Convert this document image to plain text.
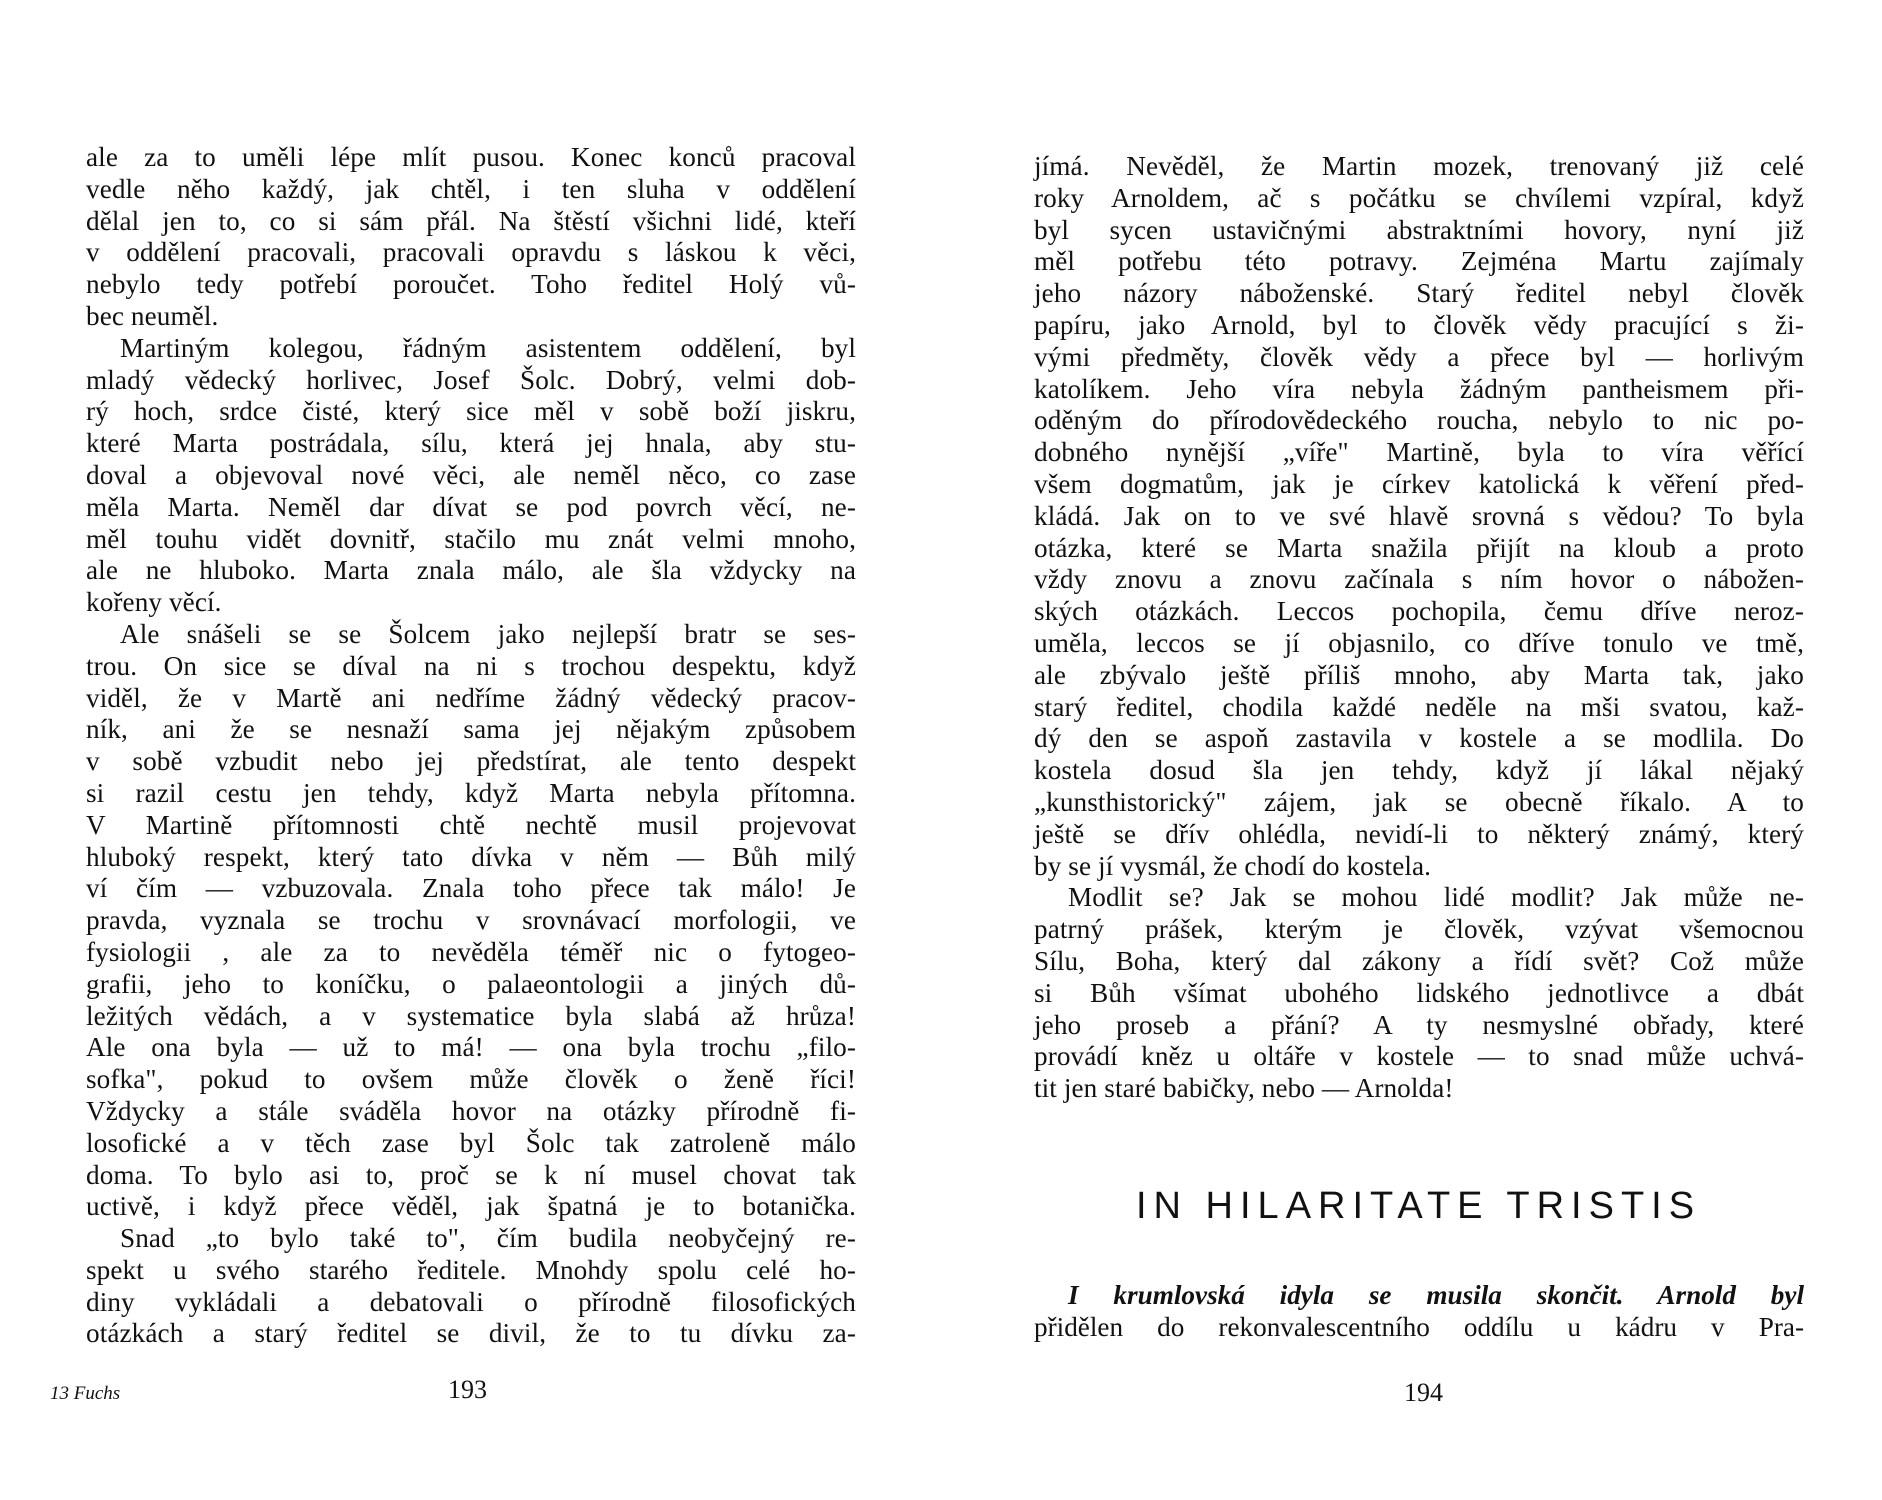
ale za to uměli lépe mlít pusou. Konec konců pracoval
vedle něho každý, jak chtěl, i ten sluha v oddělení
dělal jen to, co si sám přál. Na štěstí všichni lidé, kteří
v oddělení pracovali, pracovali opravdu s láskou k věci,
nebylo tedy potřebí poroučet. Toho ředitel Holý vů-
bec neuměl.
Martiným kolegou, řádným asistentem oddělení, byl
mladý vědecký horlivec, Josef Šolc. Dobrý, velmi dob-
rý hoch, srdce čisté, který sice měl v sobě boží jiskru,
které Marta postrádala, sílu, která jej hnala, aby stu-
doval a objevoval nové věci, ale neměl něco, co zase
měla Marta. Neměl dar dívat se pod povrch věcí, ne-
měl touhu vidět dovnitř, stačilo mu znát velmi mnoho,
ale ne hluboko. Marta znala málo, ale šla vždycky na
kořeny věcí.
Ale snášeli se se Šolcem jako nejlepší bratr se ses-
trou. On sice se díval na ni s trochou despektu, když
viděl, že v Martě ani nedříme žádný vědecký pracov-
ník, ani že se nesnaží sama jej nějakým způsobem
v sobě vzbudit nebo jej předstírat, ale tento despekt
si razil cestu jen tehdy, když Marta nebyla přítomna.
V Martině přítomnosti chtě nechtě musil projevovat
hluboký respekt, který tato dívka v něm — Bůh milý
ví čím — vzbuzovala. Znala toho přece tak málo! Je
pravda, vyznala se trochu v srovnávací morfologii, ve
fysiologii , ale za to nevěděla téměř nic o fytogeo-
grafii, jeho to koníčku, o palaeontologii a jiných dů-
ležitých vědách, a v systematice byla slabá až hrůza!
Ale ona byla — už to má! — ona byla trochu „filo-
sofka", pokud to ovšem může člověk o ženě říci!
Vždycky a stále sváděla hovor na otázky přírodně fi-
losofické a v těch zase byl Šolc tak zatroleně málo
doma. To bylo asi to, proč se k ní musel chovat tak
uctivě, i když přece věděl, jak špatná je to botanička.
Snad „to bylo také to", čím budila neobyčejný re-
spekt u svého starého ředitele. Mnohdy spolu celé ho-
diny vykládali a debatovali o přírodně filosofických
otázkách a starý ředitel se divil, že to tu dívku za-
13 Fuchs	193
jímá. Nevěděl, že Martin mozek, trenovaný již celé
roky Arnoldem, ač s počátku se chvílemi vzpíral, když
byl sycen ustavičnými abstraktními hovory, nyní již
měl potřebu této potravy. Zejména Martu zajímaly
jeho názory náboženské. Starý ředitel nebyl člověk
papíru, jako Arnold, byl to člověk vědy pracující s ži-
vými předměty, člověk vědy a přece byl — horlivým
katolíkem. Jeho víra nebyla žádným pantheismem při-
oděným do přírodovědeckého roucha, nebylo to nic po-
dobného nynější „víře" Martině, byla to víra věřící
všem dogmatům, jak je církev katolická k věření před-
kládá. Jak on to ve své hlavě srovná s vědou? To byla
otázka, které se Marta snažila přijít na kloub a proto
vždy znovu a znovu začínala s ním hovor o nábožen-
ských otázkách. Leccos pochopila, čemu dříve neroz-
uměla, leccos se jí objasnilo, co dříve tonulo ve tmě,
ale zbývalo ještě příliš mnoho, aby Marta tak, jako
starý ředitel, chodila každé neděle na mši svatou, kaž-
dý den se aspoň zastavila v kostele a se modlila. Do
kostela dosud šla jen tehdy, když jí lákal nějaký
„kunsthistorický" zájem, jak se obecně říkalo. A to
ještě se dřív ohlédla, nevidí-li to některý známý, který
by se jí vysmál, že chodí do kostela.
Modlit se? Jak se mohou lidé modlit? Jak může ne-
patrný prášek, kterým je člověk, vzývat všemocnou
Sílu, Boha, který dal zákony a řídí svět? Což může
si Bůh všímat ubohého lidského jednotlivce a dbát
jeho proseb a přání? A ty nesmyslné obřady, které
provádí kněz u oltáře v kostele — to snad může uchvá-
tit jen staré babičky, nebo — Arnolda!
IN HILARITATE TRISTIS
I krumlovská idyla se musila skončit. Arnold byl
přidělen do rekonvalescentního oddílu u kádru v Pra-
194
